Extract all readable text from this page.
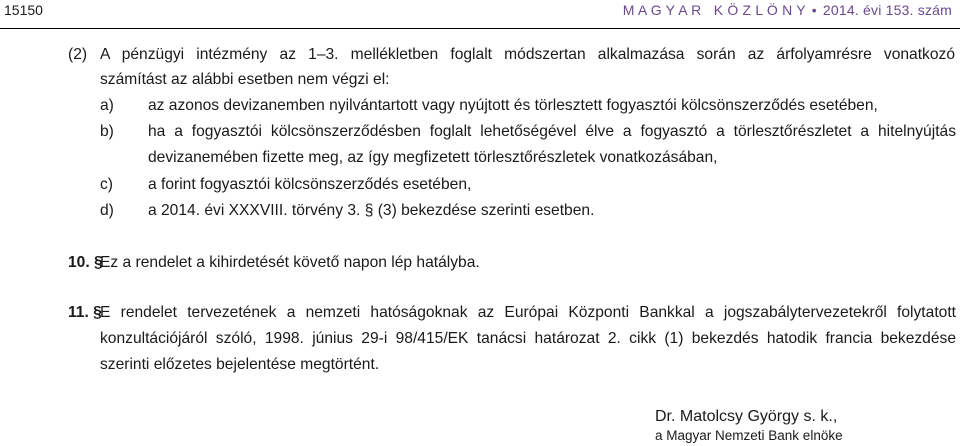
15150	M A G Y A R   K Ö Z L Ö N Y • 2014. évi 153. szám
(2) A pénzügyi intézmény az 1–3. mellékletben foglalt módszertan alkalmazása során az árfolyamrésre vonatkozó
számítást az alábbi esetben nem végzi el:
a) az azonos devizanemben nyilvántartott vagy nyújtott és törlesztett fogyasztói kölcsönszerződés esetében,
b) ha a fogyasztói kölcsönszerződésben foglalt lehetőségével élve a fogyasztó a törlesztőrészletet a hitelnyújtás
devizanemében fizette meg, az így megfizetett törlesztőrészletek vonatkozásában,
c) a forint fogyasztói kölcsönszerződés esetében,
d) a 2014. évi XXXVIII. törvény 3. § (3) bekezdése szerinti esetben.
10. §
Ez a rendelet a kihirdetését követő napon lép hatályba.
11. §
E rendelet tervezetének a nemzeti hatóságoknak az Európai Központi Bankkal a jogszabálytervezetekről folytatott
konzultációjáról szóló, 1998. június 29-i 98/415/EK tanácsi határozat 2. cikk (1) bekezdés hatodik francia bekezdése
szerinti előzetes bejelentése megtörtént.
Dr. Matolcsy György s. k.,
a Magyar Nemzeti Bank elnöke
